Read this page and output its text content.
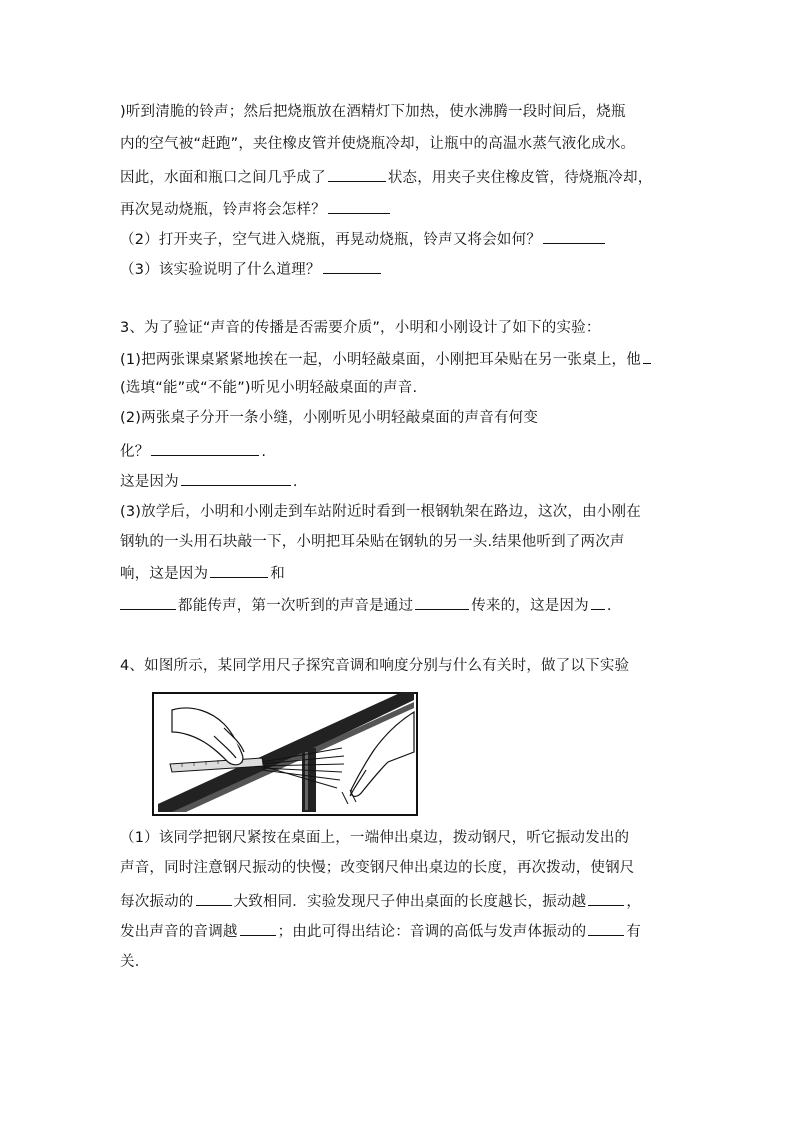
)听到清脆的铃声；然后把烧瓶放在酒精灯下加热，使水沸腾一段时间后，烧瓶
内的空气被“赶跑”，夹住橡皮管并使烧瓶冷却，让瓶中的高温水蒸气液化成水。
因此，水面和瓶口之间几乎成了	状态，用夹子夹住橡皮管，待烧瓶冷却，
再次晃动烧瓶，铃声将会怎样？
（2）打开夹子，空气进入烧瓶，再晃动烧瓶，铃声又将会如何？
（3）该实验说明了什么道理？
3、为了验证“声音的传播是否需要介质”，小明和小刚设计了如下的实验：
(1)把两张课桌紧紧地挨在一起，小明轻敲桌面，小刚把耳朵贴在另一张桌上，他
(选填“能”或“不能”)听见小明轻敲桌面的声音.
(2)两张桌子分开一条小缝，小刚听见小明轻敲桌面的声音有何变
化？	.
这是因为	.
(3)放学后，小明和小刚走到车站附近时看到一根钢轨架在路边，这次，由小刚在
钢轨的一头用石块敲一下，小明把耳朵贴在钢轨的另一头.结果他听到了两次声
响，这是因为	和
都能传声，第一次听到的声音是通过	传来的，这是因为 .
4、如图所示，某同学用尺子探究音调和响度分别与什么有关时，做了以下实验
（1）该同学把钢尺紧按在桌面上，一端伸出桌边，拨动钢尺，听它振动发出的
声音，同时注意钢尺振动的快慢；改变钢尺伸出桌边的长度，再次拨动，使钢尺
每次振动的	大致相同．实验发现尺子伸出桌面的长度越长，振动越	，
发出声音的音调越	；由此可得出结论：音调的高低与发声体振动的	有
关．
